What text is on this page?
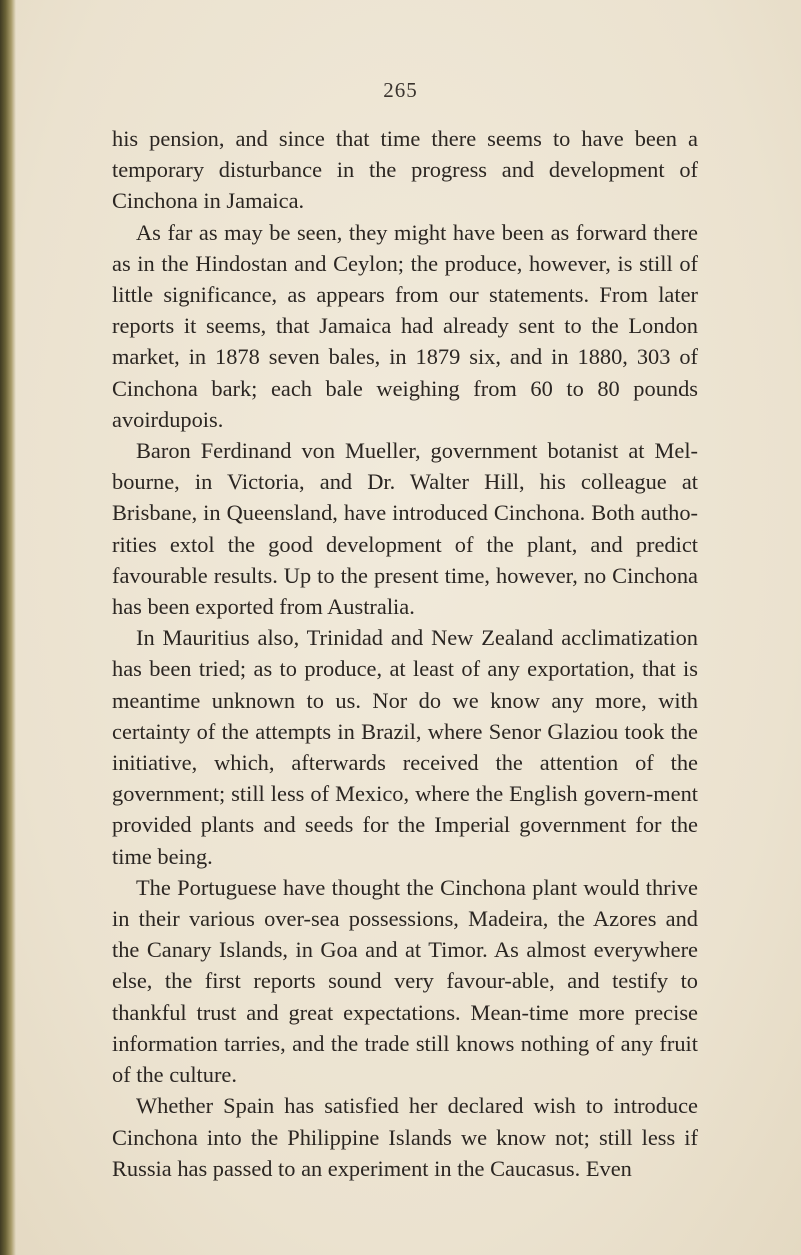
265

his pension, and since that time there seems to have been a temporary disturbance in the progress and development of Cinchona in Jamaica.

As far as may be seen, they might have been as forward there as in the Hindostan and Ceylon; the produce, however, is still of little significance, as appears from our statements. From later reports it seems, that Jamaica had already sent to the London market, in 1878 seven bales, in 1879 six, and in 1880, 303 of Cinchona bark; each bale weighing from 60 to 80 pounds avoirdupois.

Baron Ferdinand von Mueller, government botanist at Mel-bourne, in Victoria, and Dr. Walter Hill, his colleague at Brisbane, in Queensland, have introduced Cinchona. Both autho-rities extol the good development of the plant, and predict favourable results. Up to the present time, however, no Cinchona has been exported from Australia.

In Mauritius also, Trinidad and New Zealand acclimatization has been tried; as to produce, at least of any exportation, that is meantime unknown to us. Nor do we know any more, with certainty of the attempts in Brazil, where Senor Glaziou took the initiative, which, afterwards received the attention of the government; still less of Mexico, where the English govern-ment provided plants and seeds for the Imperial government for the time being.

The Portuguese have thought the Cinchona plant would thrive in their various over-sea possessions, Madeira, the Azores and the Canary Islands, in Goa and at Timor. As almost everywhere else, the first reports sound very favour-able, and testify to thankful trust and great expectations. Mean-time more precise information tarries, and the trade still knows nothing of any fruit of the culture.

Whether Spain has satisfied her declared wish to introduce Cinchona into the Philippine Islands we know not; still less if Russia has passed to an experiment in the Caucasus. Even
